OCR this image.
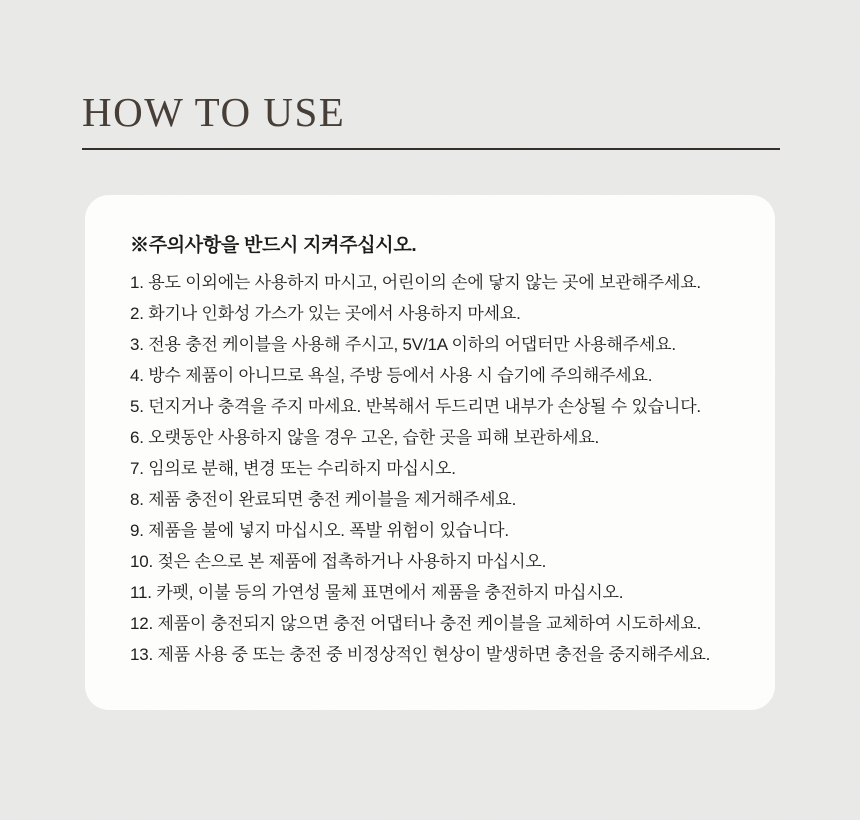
HOW TO USE
※주의사항을 반드시 지켜주십시오.
1. 용도 이외에는 사용하지 마시고, 어린이의 손에 닿지 않는 곳에 보관해주세요.
2. 화기나 인화성 가스가 있는 곳에서 사용하지 마세요.
3. 전용 충전 케이블을 사용해 주시고, 5V/1A 이하의 어댑터만 사용해주세요.
4. 방수 제품이 아니므로 욕실, 주방 등에서 사용 시 습기에 주의해주세요.
5. 던지거나 충격을 주지 마세요. 반복해서 두드리면 내부가 손상될 수 있습니다.
6. 오랫동안 사용하지 않을 경우 고온, 습한 곳을 피해 보관하세요.
7. 임의로 분해, 변경 또는 수리하지 마십시오.
8. 제품 충전이 완료되면 충전 케이블을 제거해주세요.
9. 제품을 불에 넣지 마십시오. 폭발 위험이 있습니다.
10. 젖은 손으로 본 제품에 접촉하거나 사용하지 마십시오.
11. 카펫, 이불 등의 가연성 물체 표면에서 제품을 충전하지 마십시오.
12. 제품이 충전되지 않으면 충전 어댑터나 충전 케이블을 교체하여 시도하세요.
13. 제품 사용 중 또는 충전 중 비정상적인 현상이 발생하면 충전을 중지해주세요.
